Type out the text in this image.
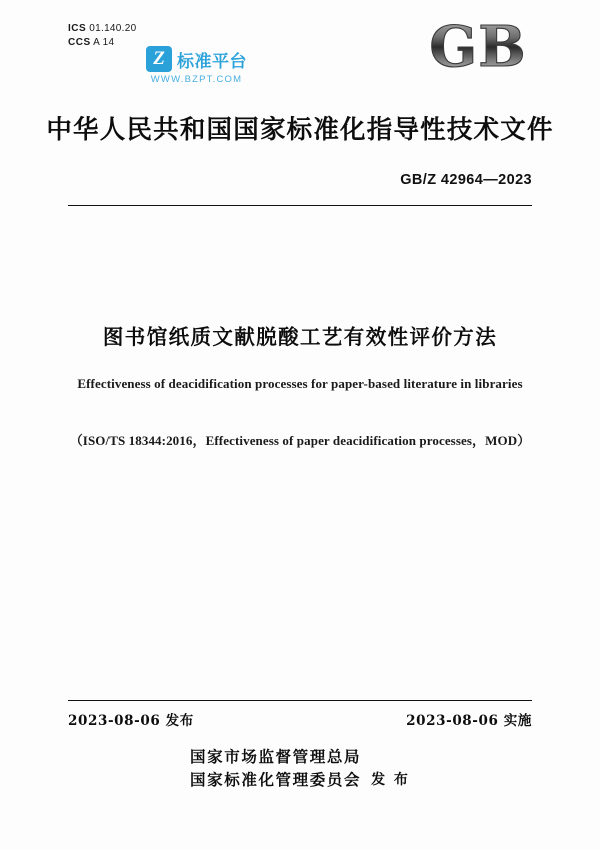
ICS 01.140.20
CCS A 14
Z 标准平台
WWW.BZPT.COM	GB
中华人民共和国国家标准化指导性技术文件
GB/Z 42964—2023
图书馆纸质文献脱酸工艺有效性评价方法
Effectiveness of deacidification processes for paper-based literature in libraries
（ISO/TS 18344:2016，Effectiveness of paper deacidification processes，MOD）
2023-08-06 发布	2023-08-06 实施
国家市场监督管理总局
国家标准化管理委员会 发 布
